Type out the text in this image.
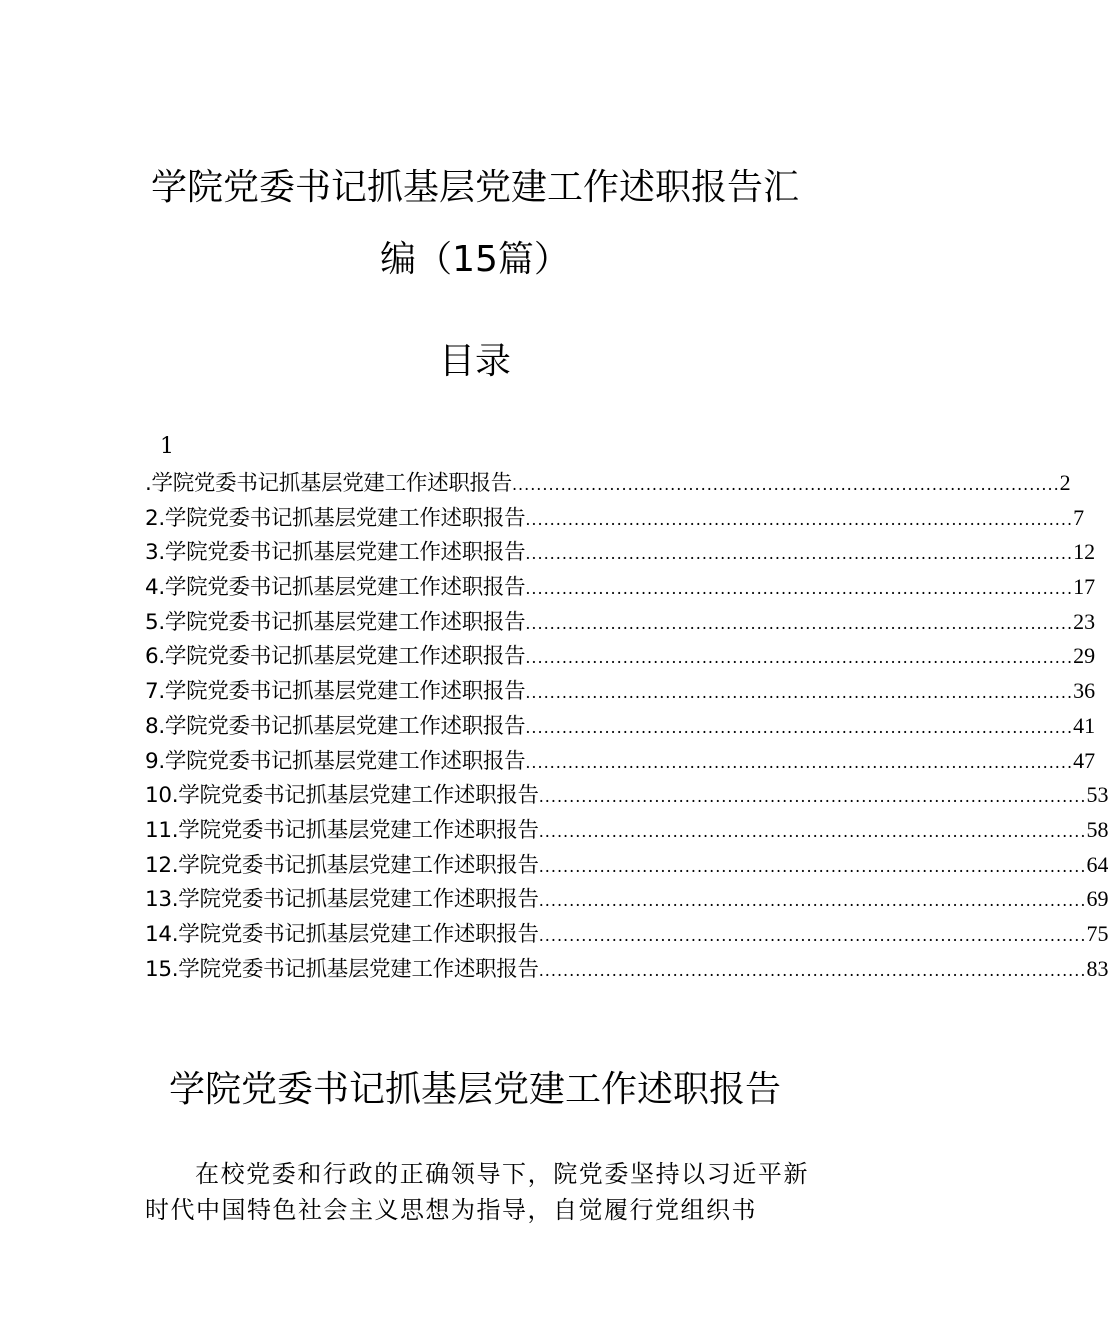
学院党委书记抓基层党建工作述职报告汇
编（15篇）
目录
1
.学院党委书记抓基层党建工作述职报告 .......................................................................................... 2
2.学院党委书记抓基层党建工作述职报告 .......................................................................................... 7
3.学院党委书记抓基层党建工作述职报告 .......................................................................................... 12
4.学院党委书记抓基层党建工作述职报告 .......................................................................................... 17
5.学院党委书记抓基层党建工作述职报告 .......................................................................................... 23
6.学院党委书记抓基层党建工作述职报告 .......................................................................................... 29
7.学院党委书记抓基层党建工作述职报告 .......................................................................................... 36
8.学院党委书记抓基层党建工作述职报告 .......................................................................................... 41
9.学院党委书记抓基层党建工作述职报告 .......................................................................................... 47
10.学院党委书记抓基层党建工作述职报告 .......................................................................................... 53
11.学院党委书记抓基层党建工作述职报告 .......................................................................................... 58
12.学院党委书记抓基层党建工作述职报告 .......................................................................................... 64
13.学院党委书记抓基层党建工作述职报告 .......................................................................................... 69
14.学院党委书记抓基层党建工作述职报告 .......................................................................................... 75
15.学院党委书记抓基层党建工作述职报告 .......................................................................................... 83
学院党委书记抓基层党建工作述职报告

在校党委和行政的正确领导下，院党委坚持以习近平新时代中国特色社会主义思想为指导，自觉履行党组织书
